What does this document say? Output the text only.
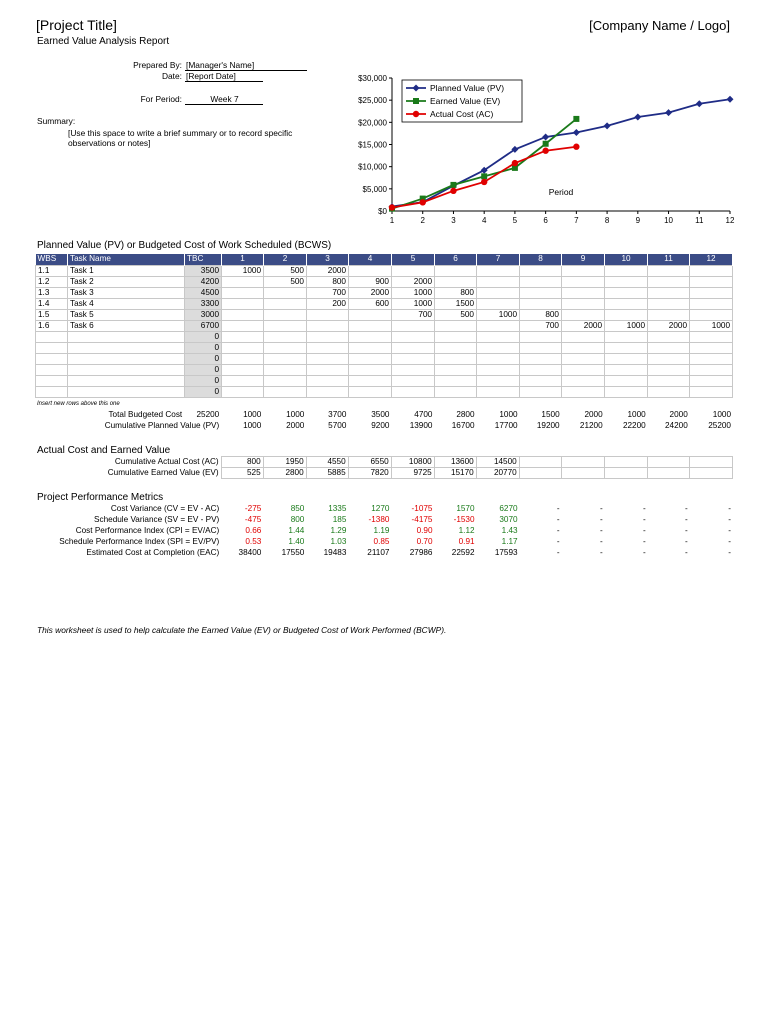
[Project Title]	[Company Name / Logo]
Earned Value Analysis Report
Prepared By: [Manager's Name]
Date: [Report Date]
For Period:	Week 7
Summary:
[Use this space to write a brief summary or to record specific observations or notes]
$0
$5,000
$10,000
$15,000
$20,000
$25,000
$30,000
1	2	3	4	5	6	7	8	9	10	11	12
Period
Planned Value (PV)
Earned Value (EV)
Actual Cost (AC)
Planned Value (PV) or Budgeted Cost of Work Scheduled (BCWS)
WBS	Task Name	TBC	1	2	3	4	5	6	7	8	9	10	11	12
1.1	Task 1	3500	1000	500	2000									
1.2	Task 2	4200		500	800	900	2000							
1.3	Task 3	4500			700	2000	1000	800						
1.4	Task 4	3300			200	600	1000	1500						
1.5	Task 5	3000					700	500	1000	800				
1.6	Task 6	6700								700	2000	1000	2000	1000
		0												
		0												
		0												
		0												
		0												
		0												
Insert new rows above this one
Total Budgeted Cost	25200	1000	1000	3700	3500	4700	2800	1000	1500	2000	1000	2000	1000
Cumulative Planned Value (PV)		1000	2000	5700	9200	13900	16700	17700	19200	21200	22200	24200	25200
Actual Cost and Earned Value
Cumulative Actual Cost (AC)	800	1950	4550	6550	10800	13600	14500					
Cumulative Earned Value (EV)	525	2800	5885	7820	9725	15170	20770					
Project Performance Metrics
Cost Variance (CV = EV - AC)	-275	850	1335	1270	-1075	1570	6270	-	-	-	-	-
Schedule Variance (SV = EV - PV)	-475	800	185	-1380	-4175	-1530	3070	-	-	-	-	-
Cost Performance Index (CPI = EV/AC)	0.66	1.44	1.29	1.19	0.90	1.12	1.43	-	-	-	-	-
Schedule Performance Index (SPI = EV/PV)	0.53	1.40	1.03	0.85	0.70	0.91	1.17	-	-	-	-	-
Estimated Cost at Completion (EAC)	38400	17550	19483	21107	27986	22592	17593	-	-	-	-	-
This worksheet is used to help calculate the Earned Value (EV) or Budgeted Cost of Work Performed (BCWP).
